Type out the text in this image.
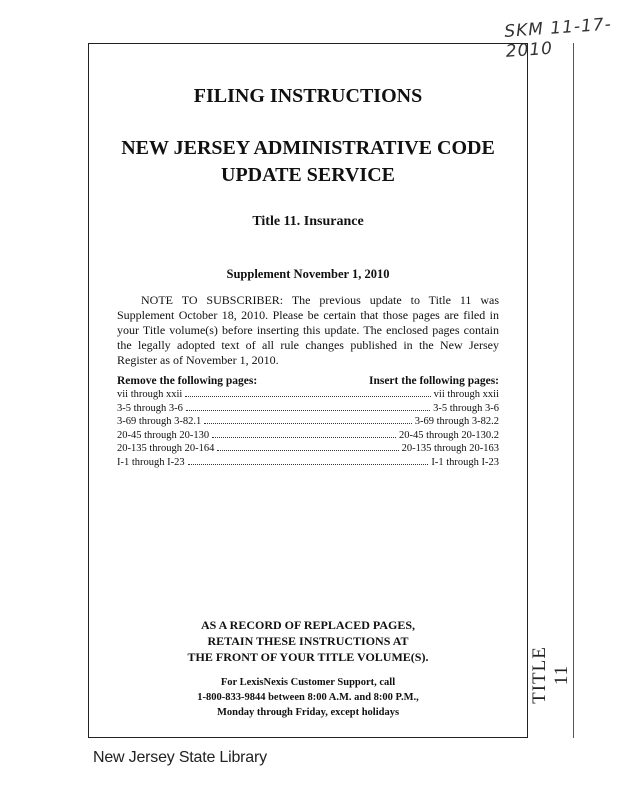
SKM 11-17-2010
TITLE 11
FILING INSTRUCTIONS
NEW JERSEY ADMINISTRATIVE CODE
UPDATE SERVICE
Title 11. Insurance
Supplement November 1, 2010
NOTE TO SUBSCRIBER: The previous update to Title 11 was Supplement October 18, 2010. Please be certain that those pages are filed in your Title volume(s) before inserting this update. The enclosed pages contain the legally adopted text of all rule changes published in the New Jersey Register as of November 1, 2010.
Remove the following pages:	Insert the following pages:
vii through xxii	vii through xxii
3-5 through 3-6	3-5 through 3-6
3-69 through 3-82.1	3-69 through 3-82.2
20-45 through 20-130	20-45 through 20-130.2
20-135 through 20-164	20-135 through 20-163
I-1 through I-23	I-1 through I-23
AS A RECORD OF REPLACED PAGES,
RETAIN THESE INSTRUCTIONS AT
THE FRONT OF YOUR TITLE VOLUME(S).
For LexisNexis Customer Support, call
1-800-833-9844 between 8:00 A.M. and 8:00 P.M.,
Monday through Friday, except holidays
New Jersey State Library
